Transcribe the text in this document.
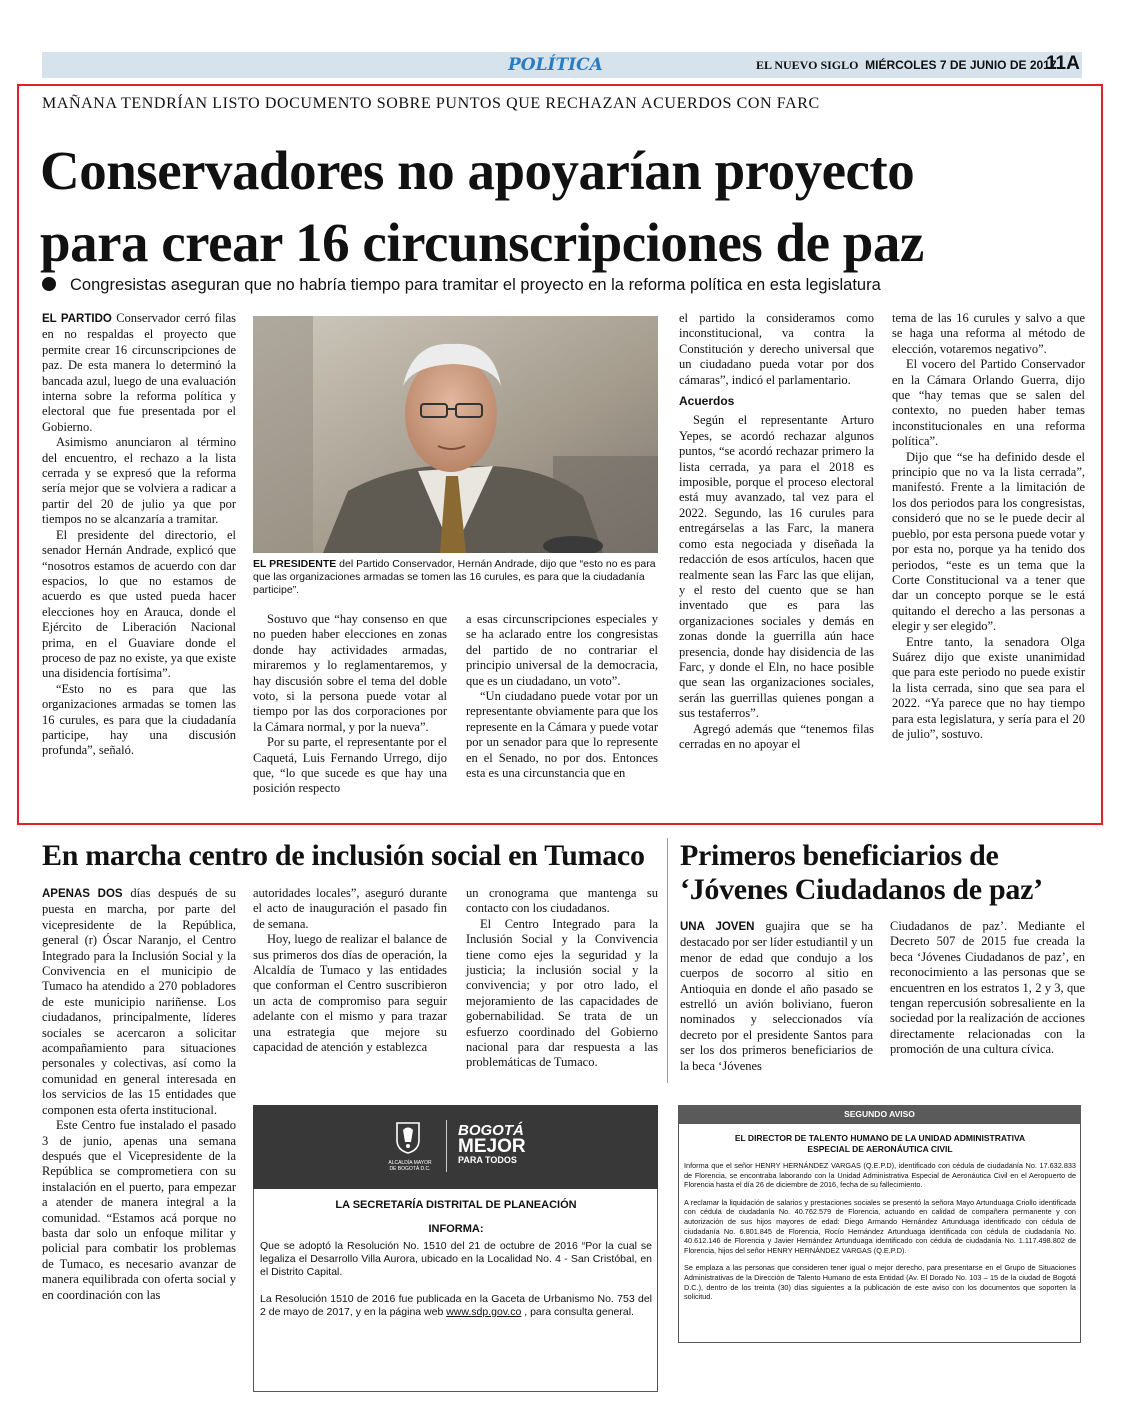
POLÍTICA	EL NUEVO SIGLO MIÉRCOLES 7 DE JUNIO DE 2017
11A
MAÑANA TENDRÍAN LISTO DOCUMENTO SOBRE PUNTOS QUE RECHAZAN ACUERDOS CON FARC
Conservadores no apoyarían proyecto
para crear 16 circunscripciones de paz
Congresistas aseguran que no habría tiempo para tramitar el proyecto en la reforma política en esta legislatura

EL PARTIDO Conservador cerró filas en no respaldas el proyecto que permite crear 16 circunscripciones de paz. De esta manera lo determinó la bancada azul, luego de una evaluación interna sobre la reforma política y electoral que fue presentada por el Gobierno.

Asimismo anunciaron al término del encuentro, el rechazo a la lista cerrada y se expresó que la reforma sería mejor que se volviera a radicar a partir del 20 de julio ya que por tiempos no se alcanzaría a tramitar.

El presidente del directorio, el senador Hernán Andrade, explicó que “nosotros estamos de acuerdo con dar espacios, lo que no estamos de acuerdo es que usted pueda hacer elecciones hoy en Arauca, donde el Ejército de Liberación Nacional prima, en el Guaviare donde el proceso de paz no existe, ya que existe una disidencia fortísima”.

“Esto no es para que las organizaciones armadas se tomen las 16 curules, es para que la ciudadanía participe, hay una discusión profunda”, señaló.

EL PRESIDENTE del Partido Conservador, Hernán Andrade, dijo que “esto no es para que las organizaciones armadas se tomen las 16 curules, es para que la ciudadanía participe”.

Sostuvo que “hay consenso en que no pueden haber elecciones en zonas donde hay actividades armadas, miraremos y lo reglamentaremos, y hay discusión sobre el tema del doble voto, si la persona puede votar al tiempo por las dos corporaciones por la Cámara normal, y por la nueva”.

Por su parte, el representante por el Caquetá, Luis Fernando Urrego, dijo que, “lo que sucede es que hay una posición respecto

a esas circunscripciones especiales y se ha aclarado entre los congresistas del partido de no contrariar el principio universal de la democracia, que es un ciudadano, un voto”.

“Un ciudadano puede votar por un representante obviamente para que los represente en la Cámara y puede votar por un senador para que lo represente en el Senado, no por dos. Entonces esta es una circunstancia que en

el partido la consideramos como inconstitucional, va contra la Constitución y derecho universal que un ciudadano pueda votar por dos cámaras”, indicó el parlamentario.

Acuerdos

Según el representante Arturo Yepes, se acordó rechazar algunos puntos, “se acordó rechazar primero la lista cerrada, ya para el 2018 es imposible, porque el proceso electoral está muy avanzado, tal vez para el 2022. Segundo, las 16 curules para entregárselas a las Farc, la manera como esta negociada y diseñada la redacción de esos artículos, hacen que realmente sean las Farc las que elijan, y el resto del cuento que se han inventado que es para las organizaciones sociales y demás en zonas donde la guerrilla aún hace presencia, donde hay disidencia de las Farc, y donde el Eln, no hace posible que sean las organizaciones sociales, serán las guerrillas quienes pongan a sus testaferros”.

Agregó además que “tenemos filas cerradas en no apoyar el

tema de las 16 curules y salvo a que se haga una reforma al método de elección, votaremos negativo”.

El vocero del Partido Conservador en la Cámara Orlando Guerra, dijo que “hay temas que se salen del contexto, no pueden haber temas inconstitucionales en una reforma política”.

Dijo que “se ha definido desde el principio que no va la lista cerrada”, manifestó. Frente a la limitación de los dos periodos para los congresistas, consideró que no se le puede decir al pueblo, por esta persona puede votar y por esta no, porque ya ha tenido dos periodos, “este es un tema que la Corte Constitucional va a tener que dar un concepto porque se le está quitando el derecho a las personas a elegir y ser elegido”.

Entre tanto, la senadora Olga Suárez dijo que existe unanimidad que para este periodo no puede existir la lista cerrada, sino que sea para el 2022. “Ya parece que no hay tiempo para esta legislatura, y sería para el 20 de julio”, sostuvo.

En marcha centro de inclusión social en Tumaco

APENAS DOS días después de su puesta en marcha, por parte del vicepresidente de la República, general (r) Óscar Naranjo, el Centro Integrado para la Inclusión Social y la Convivencia en el municipio de Tumaco ha atendido a 270 pobladores de este municipio nariñense. Los ciudadanos, principalmente, líderes sociales se acercaron a solicitar acompañamiento para situaciones personales y colectivas, así como la comunidad en general interesada en los servicios de las 15 entidades que componen esta oferta institucional.

Este Centro fue instalado el pasado 3 de junio, apenas una semana después que el Vicepresidente de la República se comprometiera con su instalación en el puerto, para empezar a atender de manera integral a la comunidad. “Estamos acá porque no basta dar solo un enfoque militar y policial para combatir los problemas de Tumaco, es necesario avanzar de manera equilibrada con oferta social y en coordinación con las

autoridades locales”, aseguró durante el acto de inauguración el pasado fin de semana.

Hoy, luego de realizar el balance de sus primeros dos días de operación, la Alcaldía de Tumaco y las entidades que conforman el Centro suscribieron un acta de compromiso para seguir adelante con el mismo y para trazar una estrategia que mejore su capacidad de atención y establezca

un cronograma que mantenga su contacto con los ciudadanos.

El Centro Integrado para la Inclusión Social y la Convivencia tiene como ejes la seguridad y la justicia; la inclusión social y la convivencia; y por otro lado, el mejoramiento de las capacidades de gobernabilidad. Se trata de un esfuerzo coordinado del Gobierno nacional para dar respuesta a las problemáticas de Tumaco.

Primeros beneficiarios de
‘Jóvenes Ciudadanos de paz’

UNA JOVEN guajira que se ha destacado por ser líder estudiantil y un menor de edad que condujo a los cuerpos de socorro al sitio en Antioquia en donde el año pasado se estrelló un avión boliviano, fueron nominados y seleccionados vía decreto por el presidente Santos para ser los dos primeros beneficiarios de la beca ‘Jóvenes

Ciudadanos de paz’. Mediante el Decreto 507 de 2015 fue creada la beca ‘Jóvenes Ciudadanos de paz’, en reconocimiento a las personas que se encuentren en los estratos 1, 2 y 3, que tengan repercusión sobresaliente en la sociedad por la realización de acciones directamente relacionadas con la promoción de una cultura cívica.

ALCALDÍA MAYOR
DE BOGOTÁ D.C.
BOGOTÁ
MEJOR
PARA TODOS
LA SECRETARÍA DISTRITAL DE PLANEACIÓN
INFORMA:
Que se adoptó la Resolución No. 1510 del 21 de octubre de 2016 “Por la cual se legaliza el Desarrollo Villa Aurora, ubicado en la Localidad No. 4 - San Cristóbal, en el Distrito Capital.
La Resolución 1510 de 2016 fue publicada en la Gaceta de Urbanismo No. 753 del 2 de mayo de 2017, y en la página web www.sdp.gov.co , para consulta general.
SEGUNDO AVISO
EL DIRECTOR DE TALENTO HUMANO DE LA UNIDAD ADMINISTRATIVA ESPECIAL DE AERONÁUTICA CIVIL
Informa que el señor HENRY HERNÁNDEZ VARGAS (Q.E.P.D), identificado con cédula de ciudadanía No. 17.632.833 de Florencia, se encontraba laborando con la Unidad Administrativa Especial de Aeronáutica Civil en el Aeropuerto de Florencia hasta el día 26 de diciembre de 2016, fecha de su fallecimiento.
A reclamar la liquidación de salarios y prestaciones sociales se presentó la señora Mayo Artunduaga Criollo identificada con cédula de ciudadanía No. 40.762.579 de Florencia, actuando en calidad de compañera permanente y con autorización de sus hijos mayores de edad: Diego Armando Hernández Artunduaga identificado con cédula de ciudadanía No. 6.801.845 de Florencia, Rocío Hernández Artunduaga identificada con cédula de ciudadanía No. 40.612.146 de Florencia y Javier Hernández Artunduaga identificado con cédula de ciudadanía No. 1.117.498.802 de Florencia, hijos del señor HENRY HERNÁNDEZ VARGAS (Q.E.P.D).
Se emplaza a las personas que consideren tener igual o mejor derecho, para presentarse en el Grupo de Situaciones Administrativas de la Dirección de Talento Humano de esta Entidad (Av. El Dorado No. 103 – 15 de la ciudad de Bogotá D.C.), dentro de los treinta (30) días siguientes a la publicación de este aviso con los documentos que soporten la solicitud.
